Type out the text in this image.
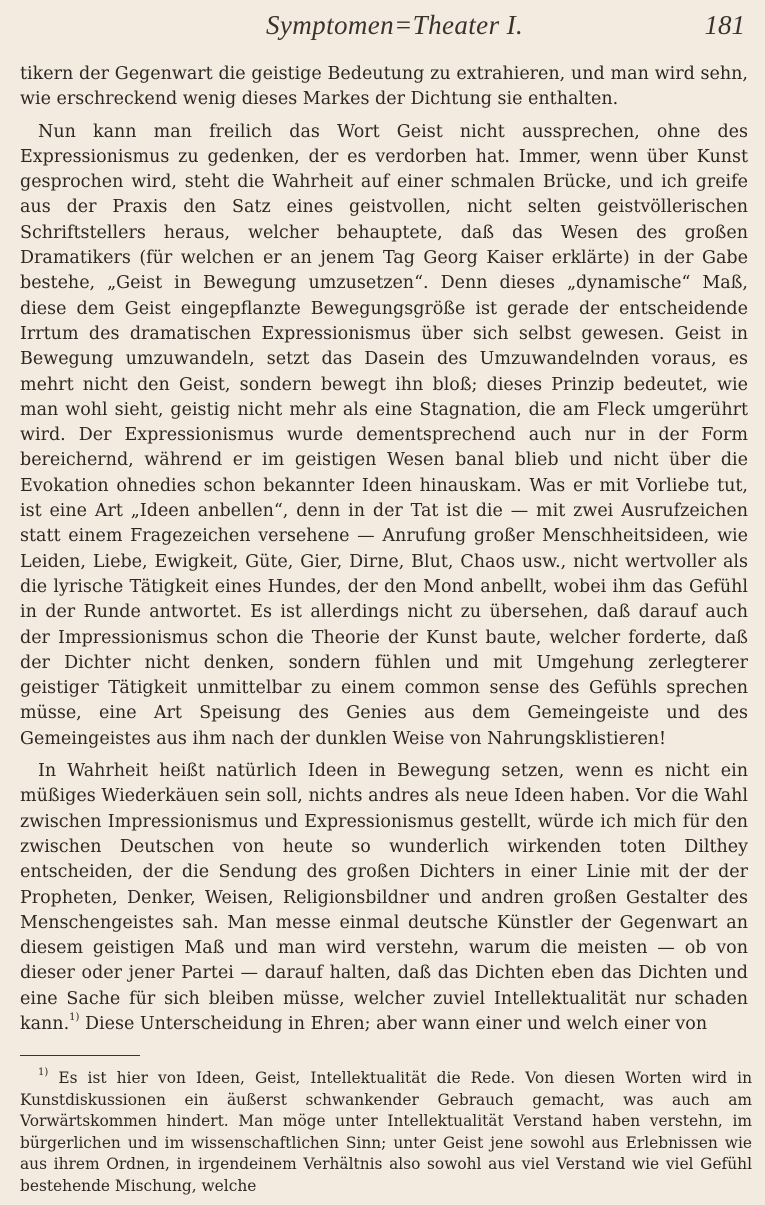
Symptomen=Theater I.	181

tikern der Gegenwart die geistige Bedeutung zu extrahieren, und man wird sehn, wie erschreckend wenig dieses Markes der Dichtung sie enthalten.

Nun kann man freilich das Wort Geist nicht aussprechen, ohne des Expressionismus zu gedenken, der es verdorben hat. Immer, wenn über Kunst gesprochen wird, steht die Wahrheit auf einer schmalen Brücke, und ich greife aus der Praxis den Satz eines geistvollen, nicht selten geistvöllerischen Schriftstellers heraus, welcher behauptete, daß das Wesen des großen Dramatikers (für welchen er an jenem Tag Georg Kaiser erklärte) in der Gabe bestehe, „Geist in Bewegung umzusetzen“. Denn dieses „dynamische“ Maß, diese dem Geist eingepflanzte Bewegungsgröße ist gerade der entscheidende Irrtum des dramatischen Expressionismus über sich selbst gewesen. Geist in Bewegung umzuwandeln, setzt das Dasein des Umzuwandelnden voraus, es mehrt nicht den Geist, sondern bewegt ihn bloß; dieses Prinzip bedeutet, wie man wohl sieht, geistig nicht mehr als eine Stagnation, die am Fleck umgerührt wird. Der Expressionismus wurde dementsprechend auch nur in der Form bereichernd, während er im geistigen Wesen banal blieb und nicht über die Evokation ohnedies schon bekannter Ideen hinauskam. Was er mit Vorliebe tut, ist eine Art „Ideen anbellen“, denn in der Tat ist die — mit zwei Ausrufzeichen statt einem Fragezeichen versehene — Anrufung großer Menschheitsideen, wie Leiden, Liebe, Ewigkeit, Güte, Gier, Dirne, Blut, Chaos usw., nicht wertvoller als die lyrische Tätigkeit eines Hundes, der den Mond anbellt, wobei ihm das Gefühl in der Runde antwortet. Es ist allerdings nicht zu übersehen, daß darauf auch der Impressionismus schon die Theorie der Kunst baute, welcher forderte, daß der Dichter nicht denken, sondern fühlen und mit Umgehung zerlegterer geistiger Tätigkeit unmittelbar zu einem common sense des Gefühls sprechen müsse, eine Art Speisung des Genies aus dem Gemeingeiste und des Gemeingeistes aus ihm nach der dunklen Weise von Nahrungsklistieren!

In Wahrheit heißt natürlich Ideen in Bewegung setzen, wenn es nicht ein müßiges Wiederkäuen sein soll, nichts andres als neue Ideen haben. Vor die Wahl zwischen Impressionismus und Expressionismus gestellt, würde ich mich für den zwischen Deutschen von heute so wunderlich wirkenden toten Dilthey entscheiden, der die Sendung des großen Dichters in einer Linie mit der der Propheten, Denker, Weisen, Religionsbildner und andren großen Gestalter des Menschengeistes sah. Man messe einmal deutsche Künstler der Gegenwart an diesem geistigen Maß und man wird verstehn, warum die meisten — ob von dieser oder jener Partei — darauf halten, daß das Dichten eben das Dichten und eine Sache für sich bleiben müsse, welcher zuviel Intellektualität nur schaden kann.$^{1)}$ Diese Unterscheidung in Ehren; aber wann einer und welch einer von

$^{1)}$ Es ist hier von Ideen, Geist, Intellektualität die Rede. Von diesen Worten wird in Kunstdiskussionen ein äußerst schwankender Gebrauch gemacht, was auch am Vorwärtskommen hindert. Man möge unter Intellektualität Verstand haben verstehn, im bürgerlichen und im wissenschaftlichen Sinn; unter Geist jene sowohl aus Erlebnissen wie aus ihrem Ordnen, in irgendeinem Verhältnis also sowohl aus viel Verstand wie viel Gefühl bestehende Mischung, welche
